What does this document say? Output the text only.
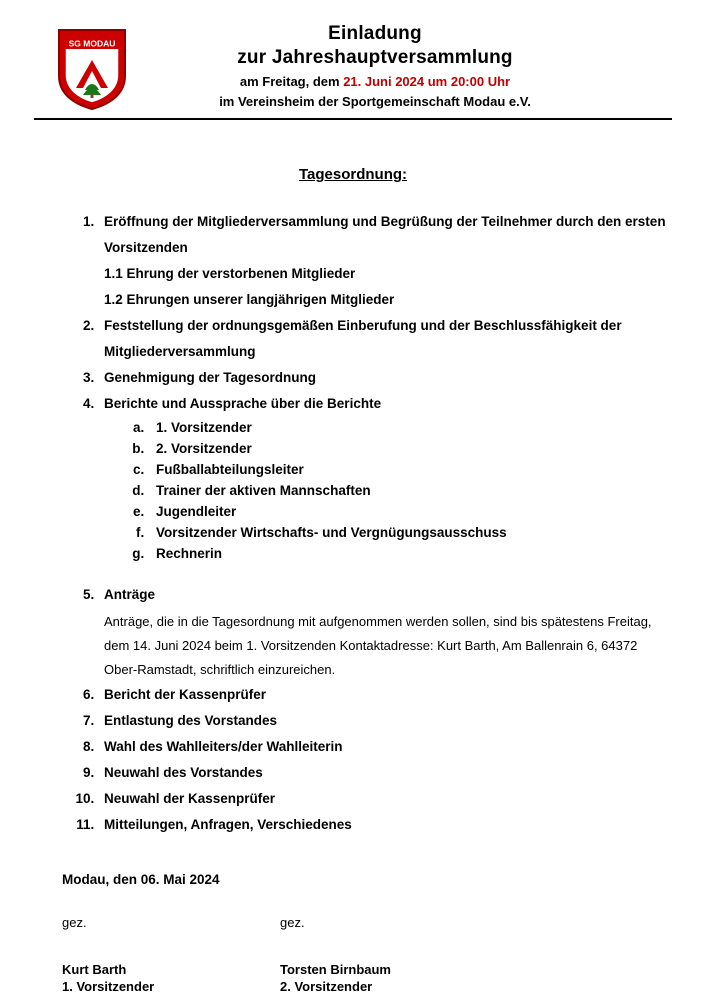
SG MODAU	Einladung
zur Jahreshauptversammlung
am Freitag, dem 21. Juni 2024 um 20:00 Uhr
im Vereinsheim der Sportgemeinschaft Modau e.V.
Tagesordnung:
1. Eröffnung der Mitgliederversammlung und Begrüßung der Teilnehmer durch den ersten Vorsitzenden
1.1 Ehrung der verstorbenen Mitglieder
1.2 Ehrungen unserer langjährigen Mitglieder
2. Feststellung der ordnungsgemäßen Einberufung und der Beschlussfähigkeit der Mitgliederversammlung
3. Genehmigung der Tagesordnung
4. Berichte und Aussprache über die Berichte
a. 1. Vorsitzender
b. 2. Vorsitzender
c. Fußballabteilungsleiter
d. Trainer der aktiven Mannschaften
e. Jugendleiter
f. Vorsitzender Wirtschafts- und Vergnügungsausschuss
g. Rechnerin
5. Anträge
Anträge, die in die Tagesordnung mit aufgenommen werden sollen, sind bis spätestens Freitag, dem 14. Juni 2024 beim 1. Vorsitzenden Kontaktadresse: Kurt Barth, Am Ballenrain 6, 64372 Ober-Ramstadt, schriftlich einzureichen.
6. Bericht der Kassenprüfer
7. Entlastung des Vorstandes
8. Wahl des Wahlleiters/der Wahlleiterin
9. Neuwahl des Vorstandes
10. Neuwahl der Kassenprüfer
11. Mitteilungen, Anfragen, Verschiedenes
Modau, den 06. Mai 2024
gez.
Kurt Barth
1. Vorsitzender
gez.
Torsten Birnbaum
2. Vorsitzender
